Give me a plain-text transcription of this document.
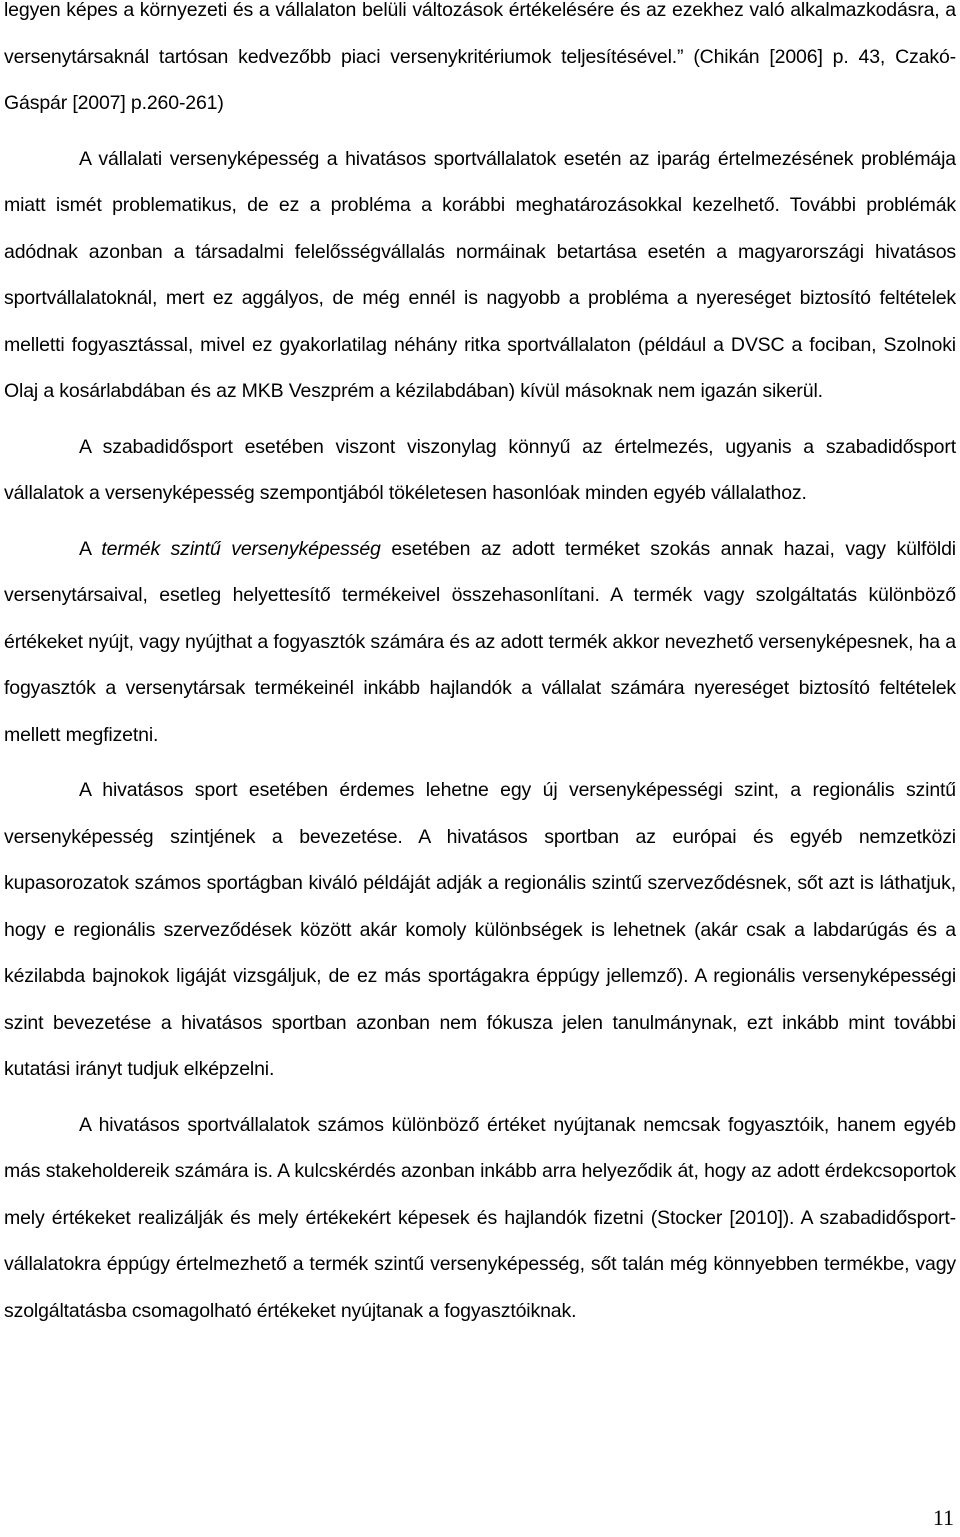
legyen képes a környezeti és a vállalaton belüli változások értékelésére és az ezekhez való alkalmazkodásra, a versenytársaknál tartósan kedvezőbb piaci versenykritériumok teljesítésével.” (Chikán [2006] p. 43, Czakó-Gáspár [2007] p.260-261)

A vállalati versenyképesség a hivatásos sportvállalatok esetén az iparág értelmezésének problémája miatt ismét problematikus, de ez a probléma a korábbi meghatározásokkal kezelhető. További problémák adódnak azonban a társadalmi felelősségvállalás normáinak betartása esetén a magyarországi hivatásos sportvállalatoknál, mert ez aggályos, de még ennél is nagyobb a probléma a nyereséget biztosító feltételek melletti fogyasztással, mivel ez gyakorlatilag néhány ritka sportvállalaton (például a DVSC a fociban, Szolnoki Olaj a kosárlabdában és az MKB Veszprém a kézilabdában) kívül másoknak nem igazán sikerül.

A szabadidősport esetében viszont viszonylag könnyű az értelmezés, ugyanis a szabadidősport vállalatok a versenyképesség szempontjából tökéletesen hasonlóak minden egyéb vállalathoz.

A termék szintű versenyképesség esetében az adott terméket szokás annak hazai, vagy külföldi versenytársaival, esetleg helyettesítő termékeivel összehasonlítani. A termék vagy szolgáltatás különböző értékeket nyújt, vagy nyújthat a fogyasztók számára és az adott termék akkor nevezhető versenyképesnek, ha a fogyasztók a versenytársak termékeinél inkább hajlandók a vállalat számára nyereséget biztosító feltételek mellett megfizetni.

A hivatásos sport esetében érdemes lehetne egy új versenyképességi szint, a regionális szintű versenyképesség szintjének a bevezetése. A hivatásos sportban az európai és egyéb nemzetközi kupasorozatok számos sportágban kiváló példáját adják a regionális szintű szerveződésnek, sőt azt is láthatjuk, hogy e regionális szerveződések között akár komoly különbségek is lehetnek (akár csak a labdarúgás és a kézilabda bajnokok ligáját vizsgáljuk, de ez más sportágakra éppúgy jellemző). A regionális versenyképességi szint bevezetése a hivatásos sportban azonban nem fókusza jelen tanulmánynak, ezt inkább mint további kutatási irányt tudjuk elképzelni.

A hivatásos sportvállalatok számos különböző értéket nyújtanak nemcsak fogyasztóik, hanem egyéb más stakeholdereik számára is. A kulcskérdés azonban inkább arra helyeződik át, hogy az adott érdekcsoportok mely értékeket realizálják és mely értékekért képesek és hajlandók fizetni (Stocker [2010]). A szabadidősport-vállalatokra éppúgy értelmezhető a termék szintű versenyképesség, sőt talán még könnyebben termékbe, vagy szolgáltatásba csomagolható értékeket nyújtanak a fogyasztóiknak.

11
